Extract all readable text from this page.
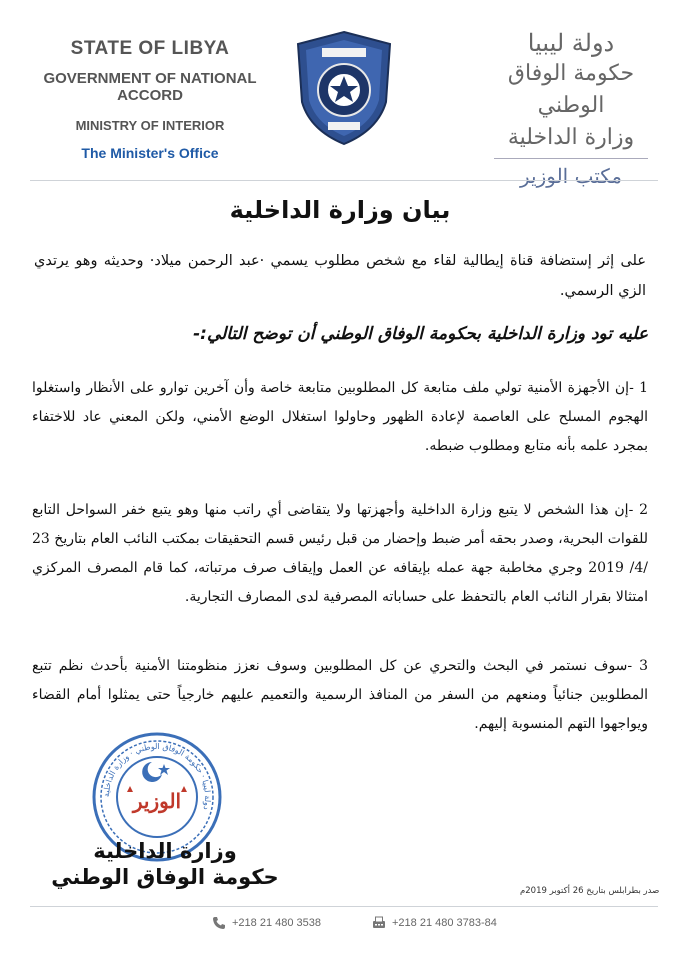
STATE OF LIBYA
GOVERNMENT OF NATIONAL ACCORD
MINISTRY OF INTERIOR
The Minister's Office
دولة ليبيا
حكومة الوفاق الوطني
وزارة الداخلية
مكتب الوزير
بيان وزارة الداخلية
على إثر إستضافة قناة إيطالية لقاء مع شخص مطلوب يسمي ·عبد الرحمن ميلاد· وحديثه وهو يرتدي الزي الرسمي.
عليه تود وزارة الداخلية بحكومة الوفاق الوطني أن توضح التالي:-
1 -إن الأجهزة الأمنية تولي ملف متابعة كل المطلوبين متابعة خاصة وأن آخرين توارو على الأنظار واستغلوا الهجوم المسلح على العاصمة لإعادة الظهور وحاولوا استغلال الوضع الأمني، ولكن المعني عاد للاختفاء بمجرد علمه بأنه متابع ومطلوب ضبطه.
2 -إن هذا الشخص لا يتبع وزارة الداخلية وأجهزتها ولا يتقاضى أي راتب منها وهو يتبع خفر السواحل التابع للقوات البحرية، وصدر بحقه أمر ضبط وإحضار من قبل رئيس قسم التحقيقات بمكتب النائب العام بتاريخ 23 /4/ 2019 وجري مخاطبة جهة عمله بإيقافه عن العمل وإيقاف صرف مرتباته، كما قام المصرف المركزي امتثالا بقرار النائب العام بالتحفظ على حساباته المصرفية لدى المصارف التجارية.
3 -سوف نستمر في البحث والتحري عن كل المطلوبين وسوف نعزز منظومتنا الأمنية بأحدث نظم تتبع المطلوبين جنائياً ومنعهم من السفر من المنافذ الرسمية والتعميم عليهم خارجياً حتى يمثلوا أمام القضاء ويواجهوا التهم المنسوبة إليهم.
الوزير
دولة ليبيا · حكومة الوفاق الوطني · وزارة الداخلية
وزارة الداخلية
حكومة الوفاق الوطني
صدر بطرابلس بتاريخ 26 أكتوبر 2019م
+218 21 480 3538	+218 21 480 3783-84
